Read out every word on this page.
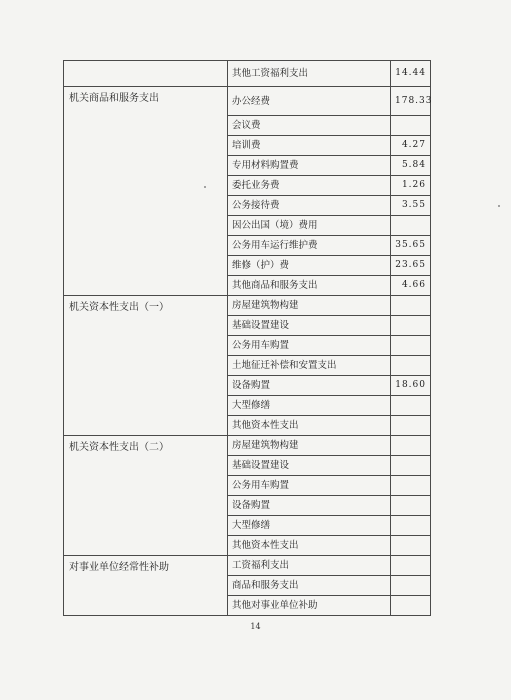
	其他工资福利支出	14.44
机关商品和服务支出	办公经费	178.33
	会议费	
	培训费	4.27
	专用材料购置费	5.84
	委托业务费	1.26
	公务接待费	3.55
	因公出国（境）费用	
	公务用车运行维护费	35.65
	维修（护）费	23.65
	其他商品和服务支出	4.66
机关资本性支出（一）	房屋建筑物构建	
	基础设置建设	
	公务用车购置	
	土地征迁补偿和安置支出	
	设备购置	18.60
	大型修缮	
	其他资本性支出	
机关资本性支出（二）	房屋建筑物构建	
	基础设置建设	
	公务用车购置	
	设备购置	
	大型修缮	
	其他资本性支出	
对事业单位经常性补助	工资福利支出	
	商品和服务支出	
	其他对事业单位补助	
14
